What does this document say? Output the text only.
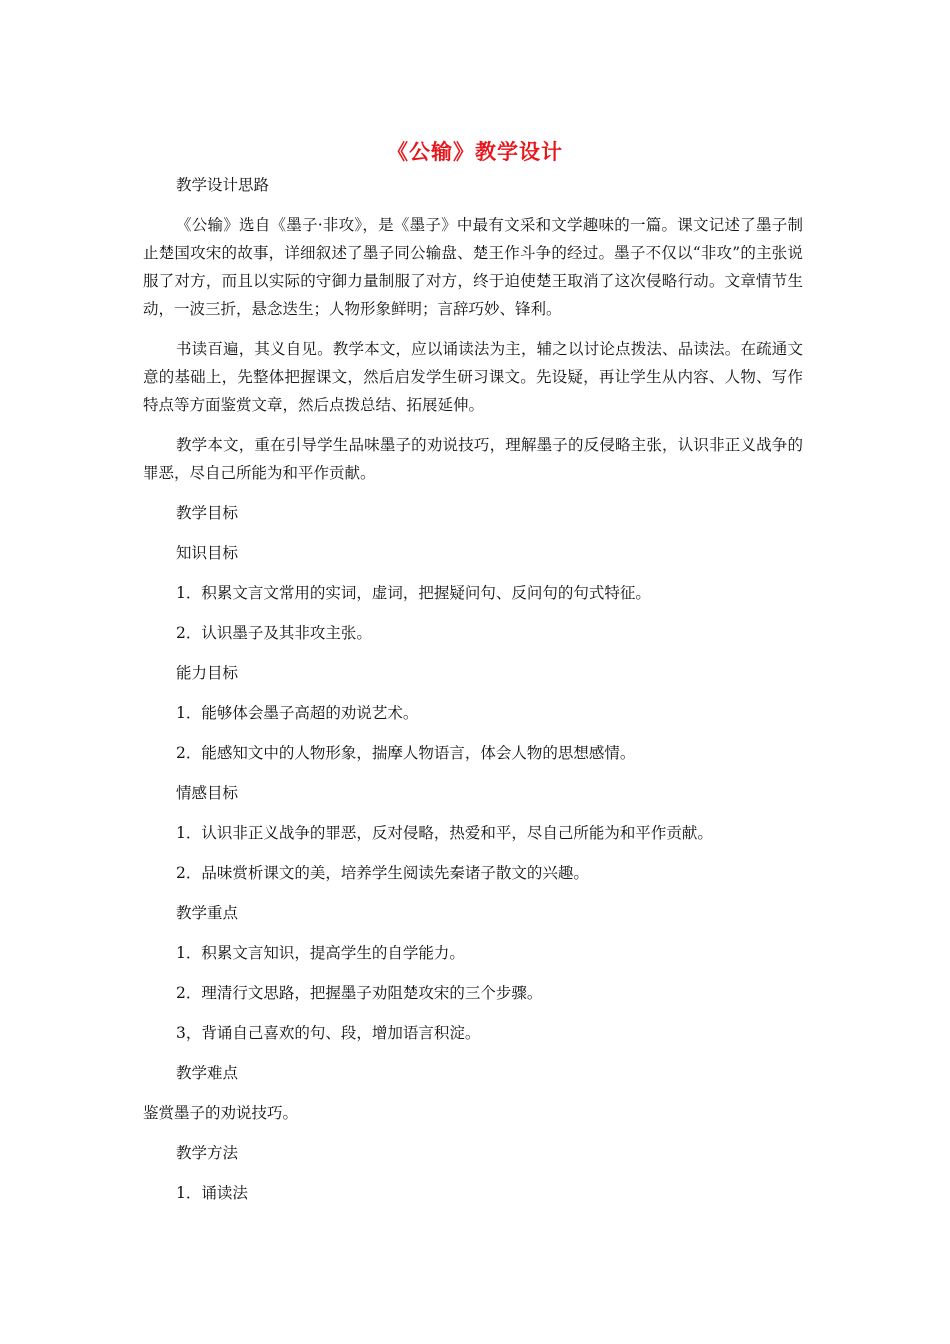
《公输》教学设计

教学设计思路

《公输》选自《墨子·非攻》，是《墨子》中最有文采和文学趣味的一篇。课文记述了墨子制止楚国攻宋的故事，详细叙述了墨子同公输盘、楚王作斗争的经过。墨子不仅以“非攻”的主张说服了对方，而且以实际的守御力量制服了对方，终于迫使楚王取消了这次侵略行动。文章情节生动，一波三折，悬念迭生；人物形象鲜明；言辞巧妙、锋利。

书读百遍，其义自见。教学本文，应以诵读法为主，辅之以讨论点拨法、品读法。在疏通文意的基础上，先整体把握课文，然后启发学生研习课文。先设疑，再让学生从内容、人物、写作特点等方面鉴赏文章，然后点拨总结、拓展延伸。

教学本文，重在引导学生品味墨子的劝说技巧，理解墨子的反侵略主张，认识非正义战争的罪恶，尽自己所能为和平作贡献。

教学目标

知识目标

1．积累文言文常用的实词，虚词，把握疑问句、反问句的句式特征。

2．认识墨子及其非攻主张。

能力目标

1．能够体会墨子高超的劝说艺术。

2．能感知文中的人物形象，揣摩人物语言，体会人物的思想感情。

情感目标

1．认识非正义战争的罪恶，反对侵略，热爱和平，尽自己所能为和平作贡献。

2．品味赏析课文的美，培养学生阅读先秦诸子散文的兴趣。

教学重点

1．积累文言知识，提高学生的自学能力。

2．理清行文思路，把握墨子劝阻楚攻宋的三个步骤。

3，背诵自己喜欢的句、段，增加语言积淀。

教学难点

鉴赏墨子的劝说技巧。

教学方法

1．诵读法
